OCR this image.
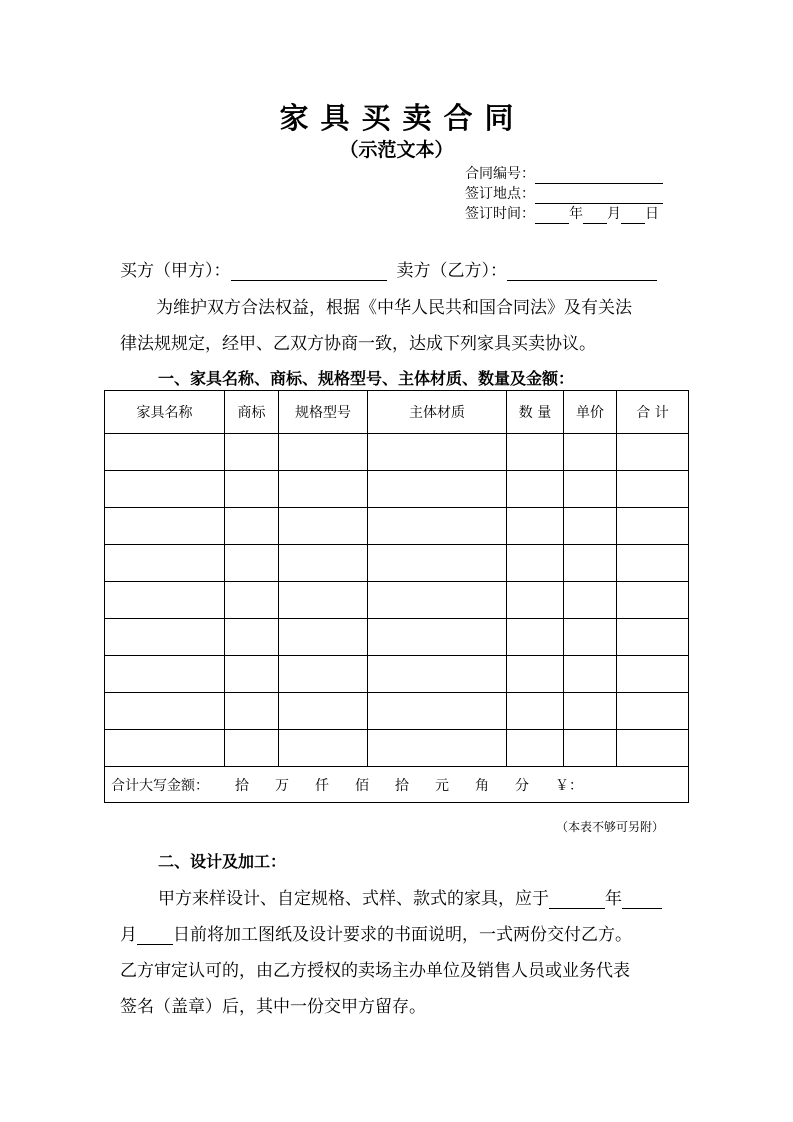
家具买卖合同
（示范文本）
合同编号：
签订地点：
签订时间： 年 月 日
买方（甲方）：	卖方（乙方）：
为维护双方合法权益，根据《中华人民共和国合同法》及有关法
律法规规定，经甲、乙双方协商一致，达成下列家具买卖协议。
一、家具名称、商标、规格型号、主体材质、数量及金额：
家具名称	商标	规格型号	主体材质	数 量	单价	合 计

合计大写金额： 拾 万 仟 佰 拾 元 角 分 ￥：						
（本表不够可另附）
二、设计及加工：
甲方来样设计、自定规格、式样、款式的家具，应于	年
月 日前将加工图纸及设计要求的书面说明，一式两份交付乙方。
乙方审定认可的，由乙方授权的卖场主办单位及销售人员或业务代表
签名（盖章）后，其中一份交甲方留存。
